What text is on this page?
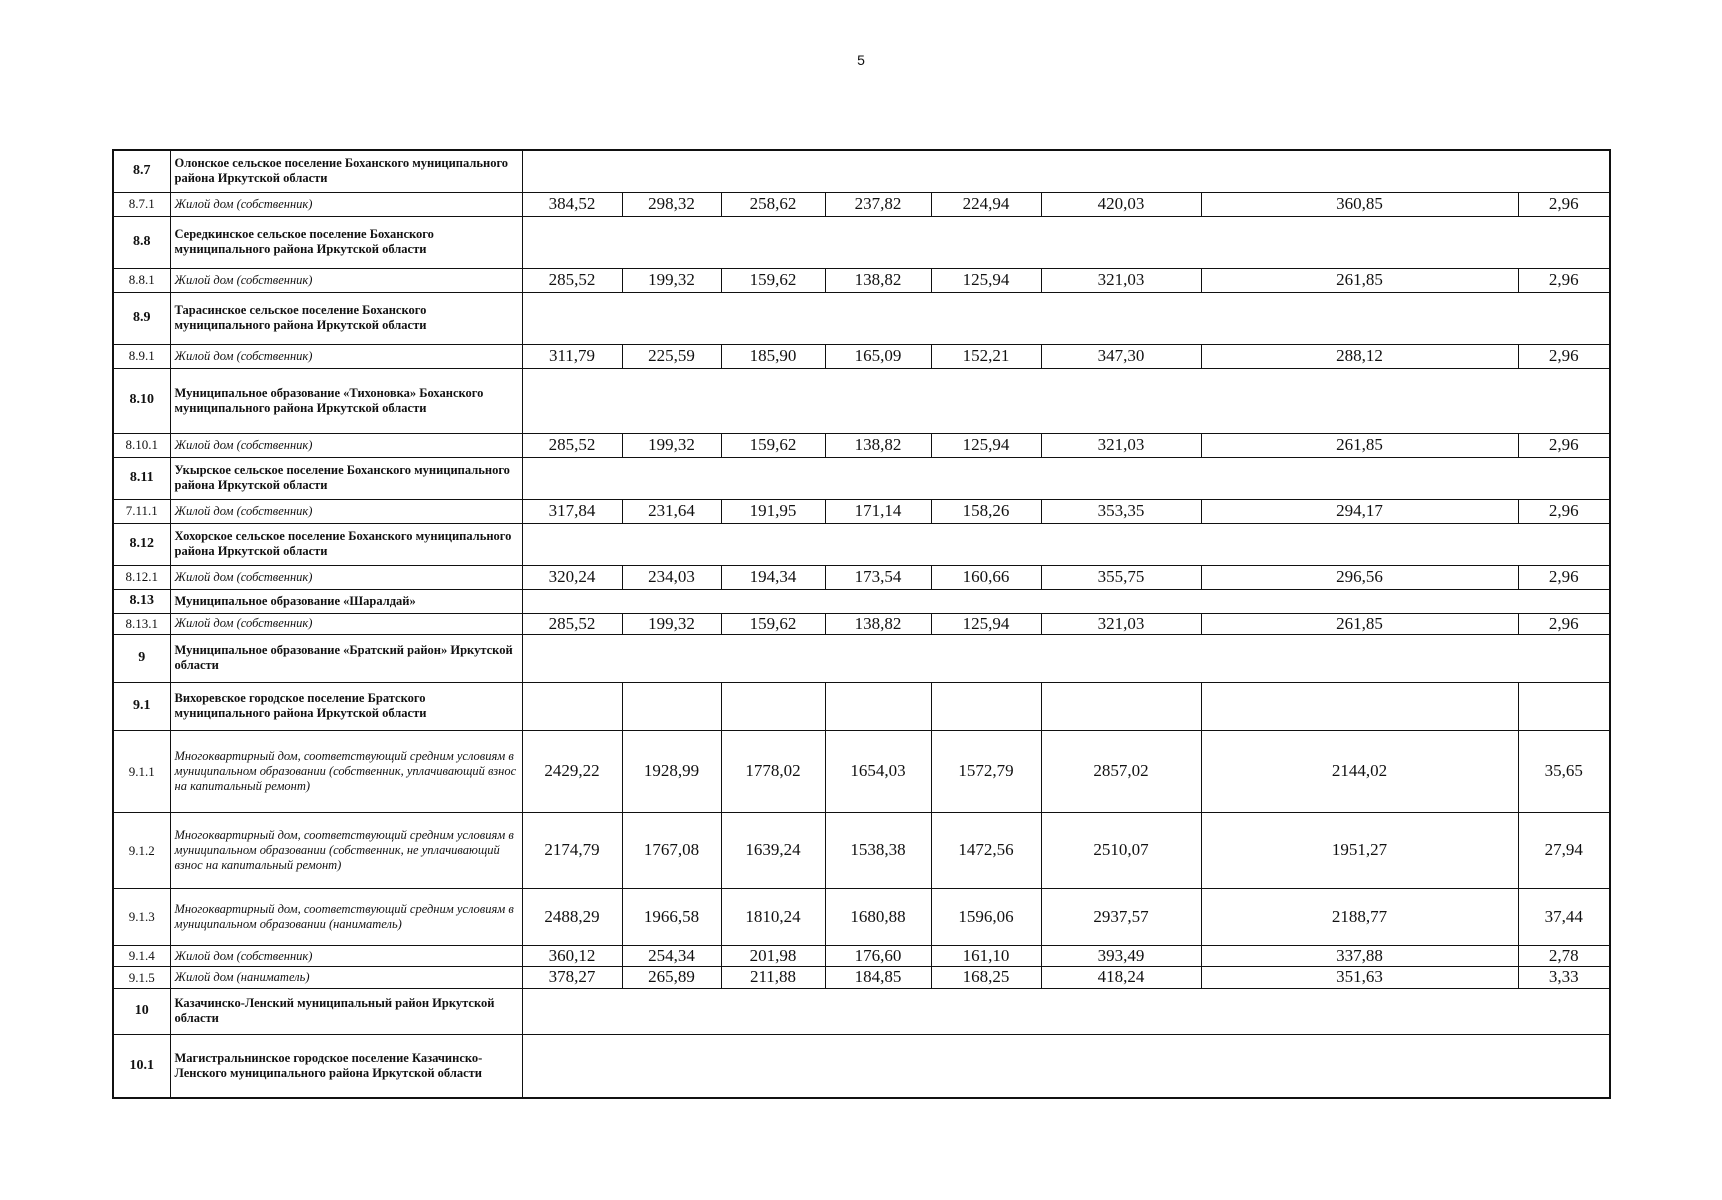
5
8.7	Олонское сельское поселение Боханского муниципального района Иркутской области								
8.7.1	Жилой дом (собственник)	384,52	298,32	258,62	237,82	224,94	420,03	360,85	2,96
8.8	Середкинское сельское поселение Боханского муниципального района Иркутской области								
8.8.1	Жилой дом (собственник)	285,52	199,32	159,62	138,82	125,94	321,03	261,85	2,96
8.9	Тарасинское сельское поселение Боханского муниципального района Иркутской области								
8.9.1	Жилой дом (собственник)	311,79	225,59	185,90	165,09	152,21	347,30	288,12	2,96
8.10	Муниципальное образование «Тихоновка» Боханского муниципального района Иркутской области								
8.10.1	Жилой дом (собственник)	285,52	199,32	159,62	138,82	125,94	321,03	261,85	2,96
8.11	Укырское сельское поселение Боханского муниципального района Иркутской области								
7.11.1	Жилой дом (собственник)	317,84	231,64	191,95	171,14	158,26	353,35	294,17	2,96
8.12	Хохорское сельское поселение Боханского муниципального района Иркутской области								
8.12.1	Жилой дом (собственник)	320,24	234,03	194,34	173,54	160,66	355,75	296,56	2,96
8.13	Муниципальное образование «Шаралдай»								
8.13.1	Жилой дом (собственник)	285,52	199,32	159,62	138,82	125,94	321,03	261,85	2,96
9	Муниципальное образование «Братский район» Иркутской области								
9.1	Вихоревское городское поселение Братского муниципального района Иркутской области								
9.1.1	Многоквартирный дом, соответствующий средним условиям в муниципальном образовании (собственник, уплачивающий взнос на капитальный ремонт)	2429,22	1928,99	1778,02	1654,03	1572,79	2857,02	2144,02	35,65
9.1.2	Многоквартирный дом, соответствующий средним условиям в муниципальном образовании (собственник, не уплачивающий взнос на капитальный ремонт)	2174,79	1767,08	1639,24	1538,38	1472,56	2510,07	1951,27	27,94
9.1.3	Многоквартирный дом, соответствующий средним условиям в муниципальном образовании (наниматель)	2488,29	1966,58	1810,24	1680,88	1596,06	2937,57	2188,77	37,44
9.1.4	Жилой дом (собственник)	360,12	254,34	201,98	176,60	161,10	393,49	337,88	2,78
9.1.5	Жилой дом (наниматель)	378,27	265,89	211,88	184,85	168,25	418,24	351,63	3,33
10	Казачинско-Ленский муниципальный район Иркутской области								
10.1	Магистральнинское городское поселение Казачинско-Ленского муниципального района Иркутской области								
